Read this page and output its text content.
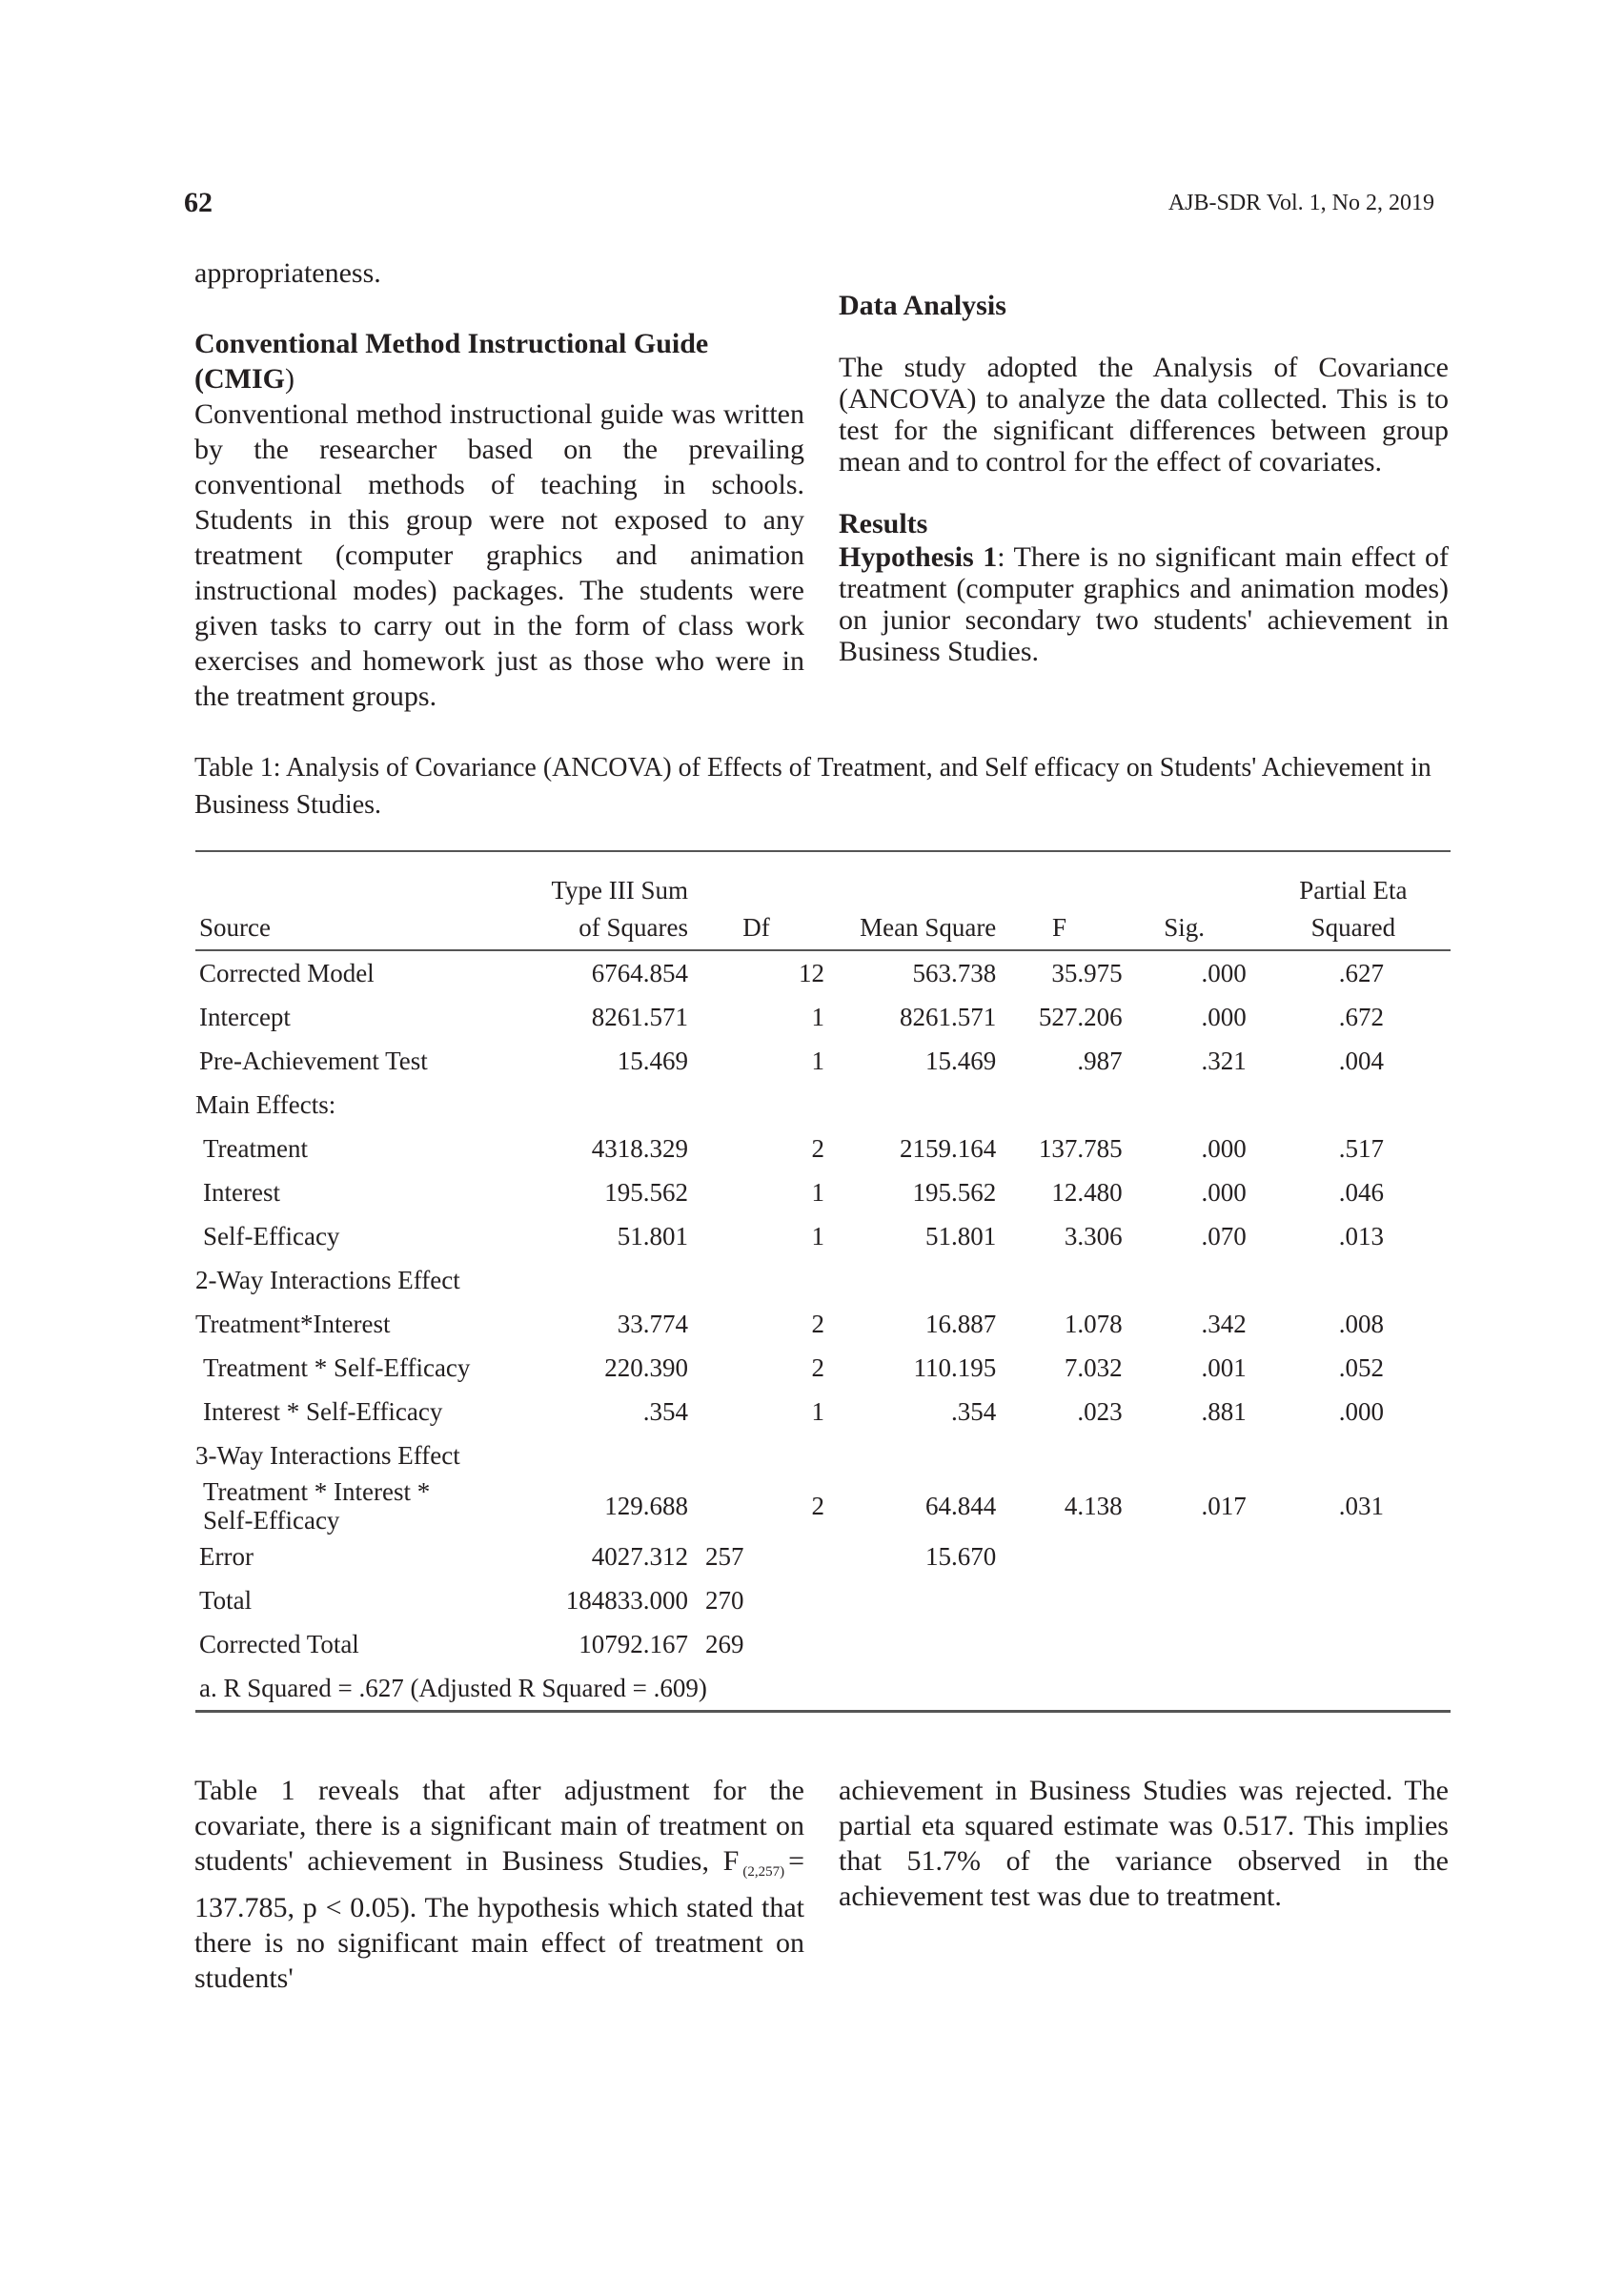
62	AJB-SDR Vol. 1, No 2, 2019

appropriateness.

Conventional Method Instructional Guide (CMIG)

Conventional method instructional guide was written by the researcher based on the prevailing conventional methods of teaching in schools. Students in this group were not exposed to any treatment (computer graphics and animation instructional modes) packages. The students were given tasks to carry out in the form of class work exercises and homework just as those who were in the treatment groups.

Data Analysis

The study adopted the Analysis of Covariance (ANCOVA) to analyze the data collected. This is to test for the significant differences between group mean and to control for the effect of covariates.

Results

Hypothesis 1: There is no significant main effect of treatment (computer graphics and animation modes) on junior secondary two students' achievement in Business Studies.

Table 1: Analysis of Covariance (ANCOVA) of Effects of Treatment, and Self efficacy on Students' Achievement in Business Studies.
	Type III Sum					Partial Eta
Source	of Squares	Df	Mean Square	F	Sig.	Squared
Corrected Model	6764.854	12	563.738	35.975	.000	.627
Intercept	8261.571	1	8261.571	527.206	.000	.672
Pre-Achievement Test	15.469	1	15.469	.987	.321	.004
Main Effects:						
Treatment	4318.329	2	2159.164	137.785	.000	.517
Interest	195.562	1	195.562	12.480	.000	.046
Self-Efficacy	51.801	1	51.801	3.306	.070	.013
2-Way Interactions Effect						
Treatment*Interest	33.774	2	16.887	1.078	.342	.008
Treatment * Self-Efficacy	220.390	2	110.195	7.032	.001	.052
Interest * Self-Efficacy	.354	1	.354	.023	.881	.000
3-Way Interactions Effect						

Treatment * Interest *
Self-Efficacy	129.688	2	64.844	4.138	.017	.031
Error	4027.312	257	15.670			
Total	184833.000	270				
Corrected Total	10792.167	269				
a. R Squared = .627 (Adjusted R Squared = .609)						

Table 1 reveals that after adjustment for the covariate, there is a significant main of treatment on students' achievement in Business Studies, F $_{(2,257)}$ = 137.785, p < 0.05). The hypothesis which stated that there is no significant main effect of treatment on students'

achievement in Business Studies was rejected. The partial eta squared estimate was 0.517. This implies that 51.7% of the variance observed in the achievement test was due to treatment.
